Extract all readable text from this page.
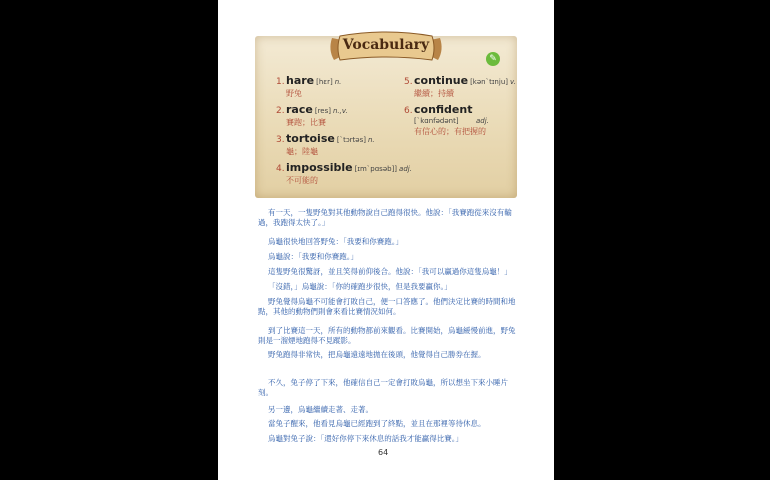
Vocabulary
✎
1.hare [hɛr] n.
野兔
2.race [res] n.,v.
賽跑；比賽
3.tortoise [ˋtɔrtəs] n.
龜；陸龜
4.impossible [ɪmˋpɑsəb]] adj.
不可能的
5.continue [kənˋtɪnju] v.
繼續；持續
6.confident
[ˋkɑnfədənt]	adj.
有信心的；有把握的
有一天，一隻野兔對其他動物說自己跑得很快。他說：「我賽跑從來沒有輸過，我跑得太快了。」
烏龜很快地回答野兔：「我要和你賽跑。」
烏龜說：「我要和你賽跑。」
這隻野兔很驚訝，並且笑得前仰後合。他說：「我可以贏過你這隻烏龜！」
「沒錯，」烏龜說：「你的確跑步很快，但是我要贏你。」
野兔覺得烏龜不可能會打敗自己，便一口答應了。他們決定比賽的時間和地點，其他的動物們則會來看比賽情況如何。
到了比賽這一天，所有的動物都前來觀看。比賽開始，烏龜緩慢前進，野兔則是一溜煙地跑得不見蹤影。
野兔跑得非常快，把烏龜遠遠地拋在後頭，他覺得自己勝券在握。
不久，兔子停了下來，他確信自己一定會打敗烏龜，所以想坐下來小睡片刻。
另一邊，烏龜繼續走著、走著。
當兔子醒來，他看見烏龜已經跑到了終點，並且在那裡等待休息。
烏龜對兔子說：「還好你停下來休息的話我才能贏得比賽。」
64
